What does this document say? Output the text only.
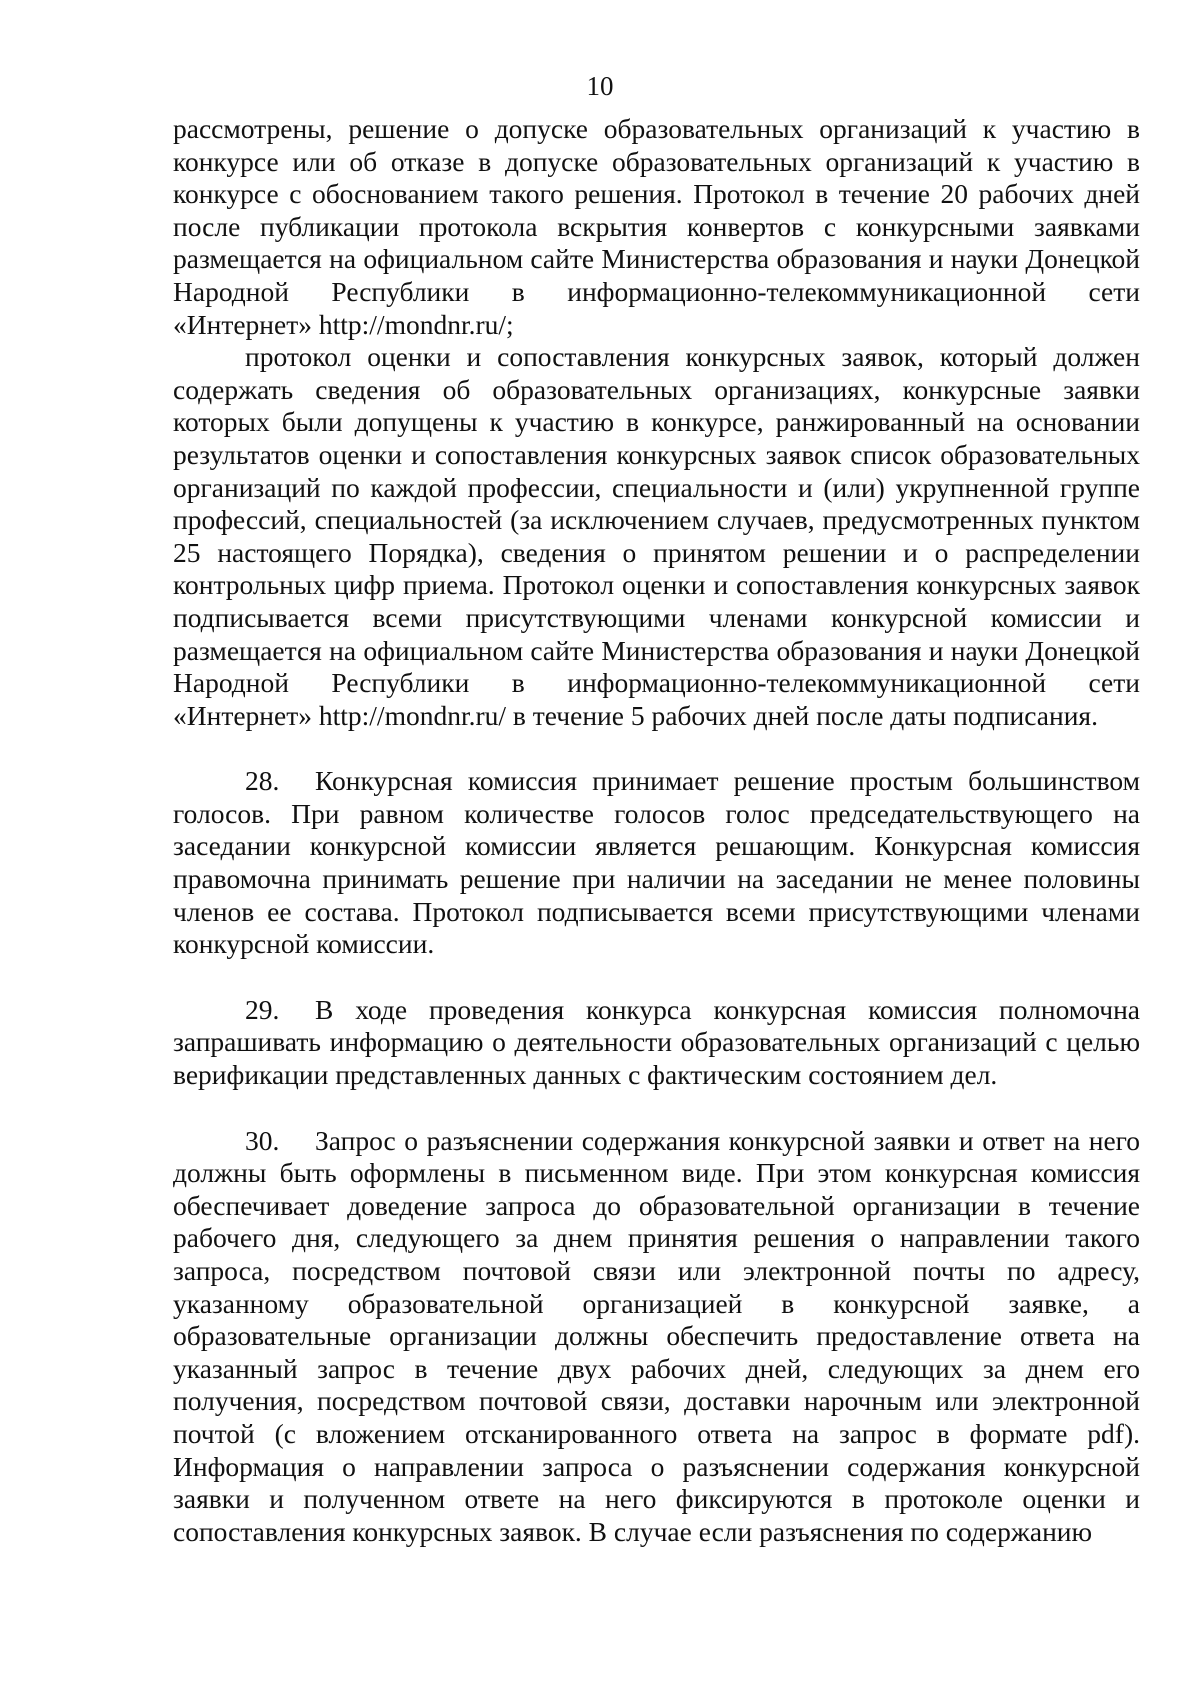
10

рассмотрены, решение о допуске образовательных организаций к участию в конкурсе или об отказе в допуске образовательных организаций к участию в конкурсе с обоснованием такого решения. Протокол в течение 20 рабочих дней после публикации протокола вскрытия конвертов с конкурсными заявками размещается на официальном сайте Министерства образования и науки Донецкой Народной Республики в информационно-телекоммуникационной сети «Интернет» http://mondnr.ru/;

протокол оценки и сопоставления конкурсных заявок, который должен содержать сведения об образовательных организациях, конкурсные заявки которых были допущены к участию в конкурсе, ранжированный на основании результатов оценки и сопоставления конкурсных заявок список образовательных организаций по каждой профессии, специальности и (или) укрупненной группе профессий, специальностей (за исключением случаев, предусмотренных пунктом 25 настоящего Порядка), сведения о принятом решении и о распределении контрольных цифр приема. Протокол оценки и сопоставления конкурсных заявок подписывается всеми присутствующими членами конкурсной комиссии и размещается на официальном сайте Министерства образования и науки Донецкой Народной Республики в информационно-телекоммуникационной сети «Интернет» http://mondnr.ru/ в течение 5 рабочих дней после даты подписания.

28. Конкурсная комиссия принимает решение простым большинством голосов. При равном количестве голосов голос председательствующего на заседании конкурсной комиссии является решающим. Конкурсная комиссия правомочна принимать решение при наличии на заседании не менее половины членов ее состава. Протокол подписывается всеми присутствующими членами конкурсной комиссии.

29. В ходе проведения конкурса конкурсная комиссия полномочна запрашивать информацию о деятельности образовательных организаций с целью верификации представленных данных с фактическим состоянием дел.

30. Запрос о разъяснении содержания конкурсной заявки и ответ на него должны быть оформлены в письменном виде. При этом конкурсная комиссия обеспечивает доведение запроса до образовательной организации в течение рабочего дня, следующего за днем принятия решения о направлении такого запроса, посредством почтовой связи или электронной почты по адресу, указанному образовательной организацией в конкурсной заявке, а образовательные организации должны обеспечить предоставление ответа на указанный запрос в течение двух рабочих дней, следующих за днем его получения, посредством почтовой связи, доставки нарочным или электронной почтой (с вложением отсканированного ответа на запрос в формате pdf). Информация о направлении запроса о разъяснении содержания конкурсной заявки и полученном ответе на него фиксируются в протоколе оценки и сопоставления конкурсных заявок. В случае если разъяснения по содержанию
